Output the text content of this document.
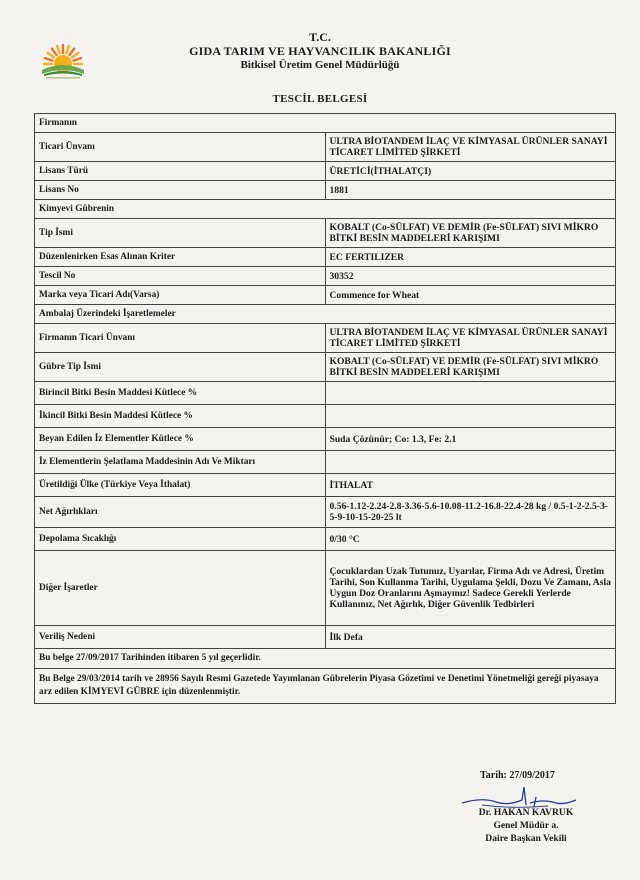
T.C.
GIDA TARIM VE HAYVANCILIK BAKANLIĞI
Bitkisel Üretim Genel Müdürlüğü
TESCİL BELGESİ
Firmanın	
Ticari Ünvanı	ULTRA BİOTANDEM İLAÇ VE KİMYASAL ÜRÜNLER SANAYİ TİCARET LİMİTED ŞİRKETİ
Lisans Türü	ÜRETİCİ(İTHALATÇI)
Lisans No	1881
Kimyevi Gübrenin	
Tip İsmi	KOBALT (Co-SÜLFAT) VE DEMİR (Fe-SÜLFAT) SIVI MİKRO BİTKİ BESİN MADDELERİ KARIŞIMI
Düzenlenirken Esas Alınan Kriter	EC FERTILIZER
Tescil No	30352
Marka veya Ticari Adı(Varsa)	Commence for Wheat
Ambalaj Üzerindeki İşaretlemeler	
Firmanın Ticari Ünvanı	ULTRA BİOTANDEM İLAÇ VE KİMYASAL ÜRÜNLER SANAYİ TİCARET LİMİTED ŞİRKETİ
Gübre Tip İsmi	KOBALT (Co-SÜLFAT) VE DEMİR (Fe-SÜLFAT) SIVI MİKRO BİTKİ BESİN MADDELERİ KARIŞIMI
Birincil Bitki Besin Maddesi Kütlece %	
İkincil Bitki Besin Maddesi Kütlece %	
Beyan Edilen İz Elementler Kütlece %	Suda Çözünür; Co: 1.3, Fe: 2.1
İz Elementlerin Şelatlama Maddesinin Adı Ve Miktarı	
Üretildiği Ülke (Türkiye Veya İthalat)	İTHALAT
Net Ağırlıkları	0.56-1.12-2.24-2.8-3.36-5.6-10.08-11.2-16.8-22.4-28 kg / 0.5-1-2-2.5-3-5-9-10-15-20-25 lt
Depolama Sıcaklığı	0/30 °C
Diğer İşaretler	Çocuklardan Uzak Tutunuz, Uyarılar, Firma Adı ve Adresi, Üretim Tarihi, Son Kullanma Tarihi, Uygulama Şekli, Dozu Ve Zamanı, Asla Uygun Doz Oranlarını Aşmayınız! Sadece Gerekli Yerlerde Kullanınız, Net Ağırlık, Diğer Güvenlik Tedbirleri
Veriliş Nedeni	İlk Defa
Bu belge 27/09/2017 Tarihinden itibaren 5 yıl geçerlidir.	
Bu Belge 29/03/2014 tarih ve 28956 Sayılı Resmi Gazetede Yayımlanan Gübrelerin Piyasa Gözetimi ve Denetimi Yönetmeliği gereği piyasaya arz edilen KİMYEVİ GÜBRE için düzenlenmiştir.	
Tarih: 27/09/2017
Dr. HAKAN KAVRUK
Genel Müdür a.
Daire Başkan Vekili
